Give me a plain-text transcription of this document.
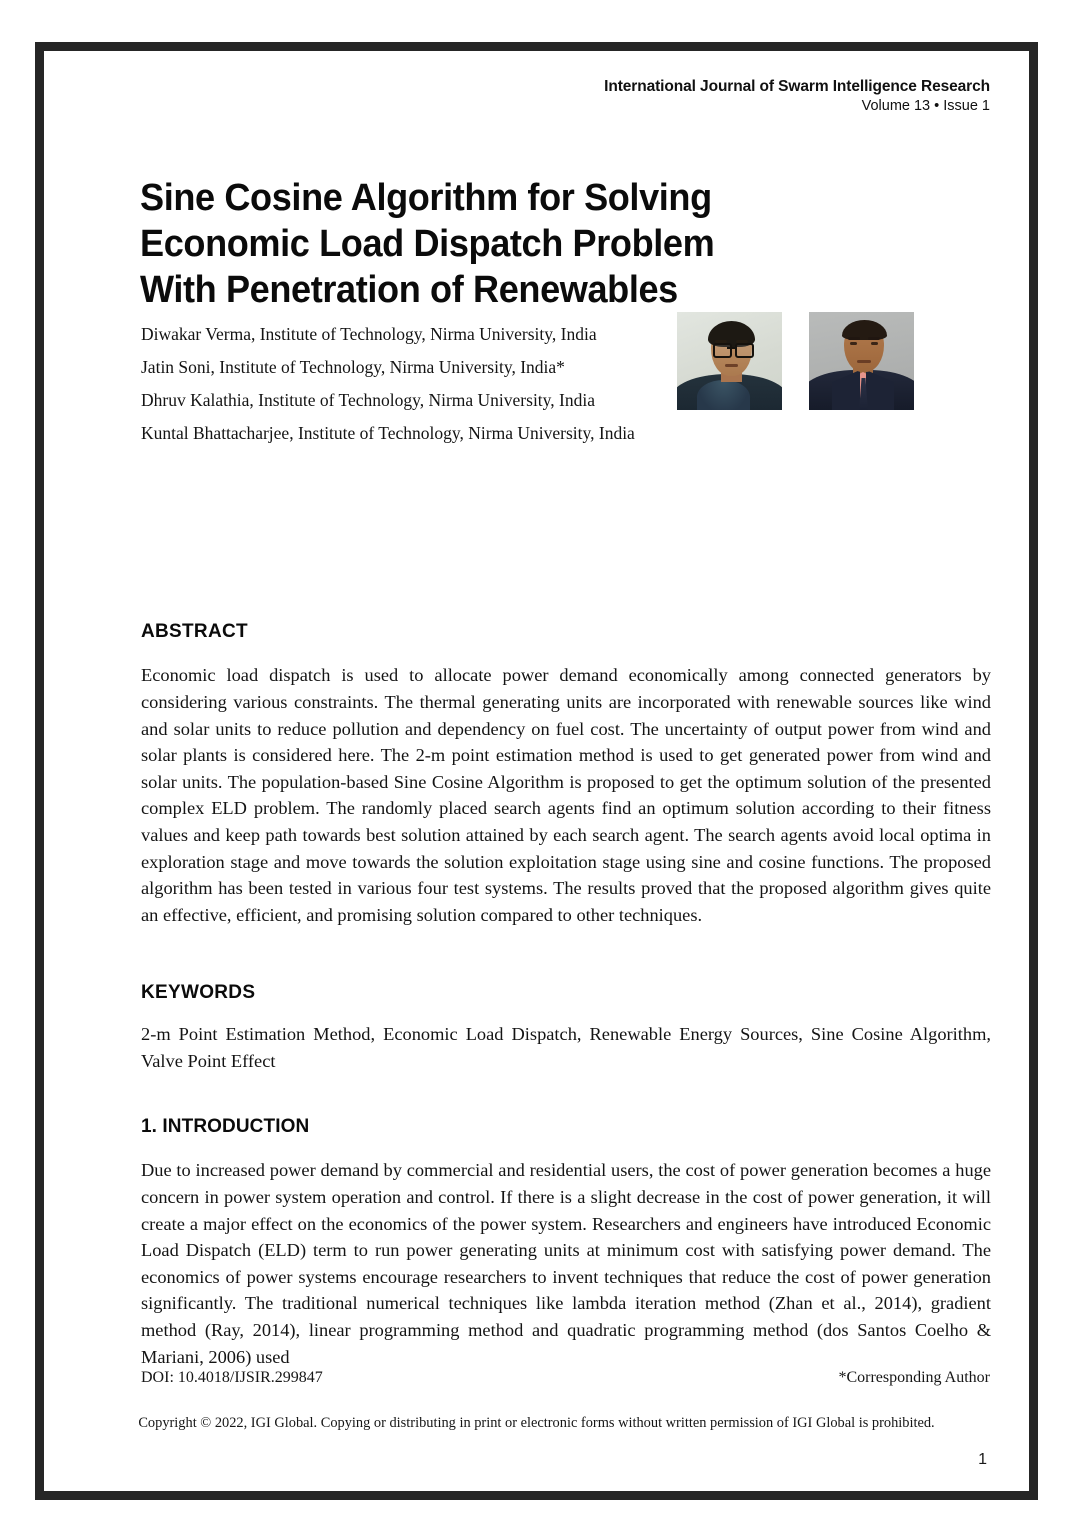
International Journal of Swarm Intelligence Research
Volume 13 • Issue 1
Sine Cosine Algorithm for Solving
Economic Load Dispatch Problem
With Penetration of Renewables
Diwakar Verma, Institute of Technology, Nirma University, India
Jatin Soni, Institute of Technology, Nirma University, India*
Dhruv Kalathia, Institute of Technology, Nirma University, India
Kuntal Bhattacharjee, Institute of Technology, Nirma University, India
ABSTRACT

Economic load dispatch is used to allocate power demand economically among connected generators by considering various constraints. The thermal generating units are incorporated with renewable sources like wind and solar units to reduce pollution and dependency on fuel cost. The uncertainty of output power from wind and solar plants is considered here. The 2-m point estimation method is used to get generated power from wind and solar units. The population-based Sine Cosine Algorithm is proposed to get the optimum solution of the presented complex ELD problem. The randomly placed search agents find an optimum solution according to their fitness values and keep path towards best solution attained by each search agent. The search agents avoid local optima in exploration stage and move towards the solution exploitation stage using sine and cosine functions. The proposed algorithm has been tested in various four test systems. The results proved that the proposed algorithm gives quite an effective, efficient, and promising solution compared to other techniques.

KEYWORDS

2-m Point Estimation Method, Economic Load Dispatch, Renewable Energy Sources, Sine Cosine Algorithm, Valve Point Effect

1. INTRODUCTION

Due to increased power demand by commercial and residential users, the cost of power generation becomes a huge concern in power system operation and control. If there is a slight decrease in the cost of power generation, it will create a major effect on the economics of the power system. Researchers and engineers have introduced Economic Load Dispatch (ELD) term to run power generating units at minimum cost with satisfying power demand. The economics of power systems encourage researchers to invent techniques that reduce the cost of power generation significantly. The traditional numerical techniques like lambda iteration method (Zhan et al., 2014), gradient method (Ray, 2014), linear programming method and quadratic programming method (dos Santos Coelho & Mariani, 2006) used

DOI: 10.4018/IJSIR.299847	*Corresponding Author
Copyright © 2022, IGI Global. Copying or distributing in print or electronic forms without written permission of IGI Global is prohibited.
1
